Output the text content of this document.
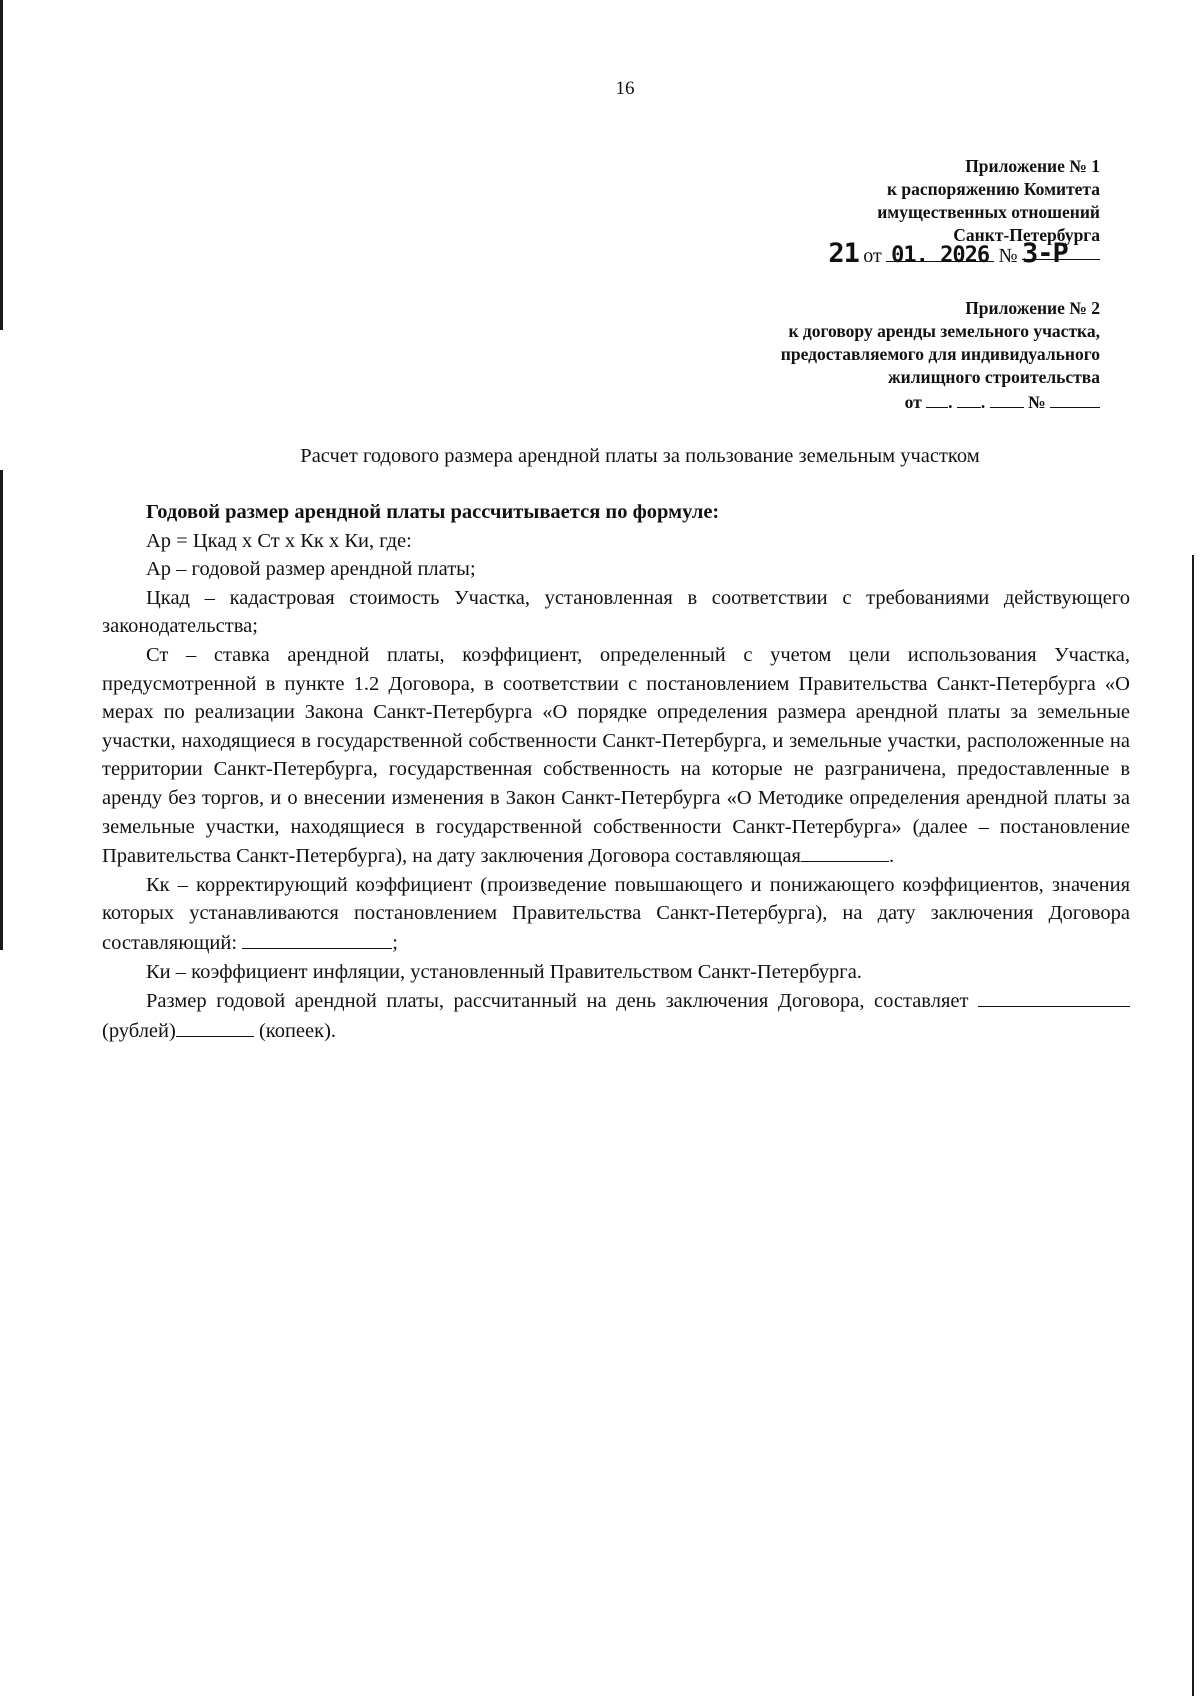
16
Приложение № 1
к распоряжению Комитета
имущественных отношений
Санкт-Петербурга
21 от 01. 2026 № 3-Р
Приложение № 2
к договору аренды земельного участка,
предоставляемого для индивидуального
жилищного строительства
от . .  №
Расчет годового размера арендной платы за пользование земельным участком

Годовой размер арендной платы рассчитывается по формуле:

Ар = Цкад х Ст х Кк х Ки, где:

Ар – годовой размер арендной платы;

Цкад – кадастровая стоимость Участка, установленная в соответствии с требованиями действующего законодательства;

Ст – ставка арендной платы, коэффициент, определенный с учетом цели использования Участка, предусмотренной в пункте 1.2 Договора, в соответствии с постановлением Правительства Санкт-Петербурга «О мерах по реализации Закона Санкт-Петербурга «О порядке определения размера арендной платы за земельные участки, находящиеся в государственной собственности Санкт-Петербурга, и земельные участки, расположенные на территории Санкт-Петербурга, государственная собственность на которые не разграничена, предоставленные в аренду без торгов, и о внесении изменения в Закон Санкт-Петербурга «О Методике определения арендной платы за земельные участки, находящиеся в государственной собственности Санкт-Петербурга» (далее – постановление Правительства Санкт-Петербурга), на дату заключения Договора составляющая	.

Кк – корректирующий коэффициент (произведение повышающего и понижающего коэффициентов, значения которых устанавливаются постановлением Правительства Санкт-Петербурга), на дату заключения Договора составляющий:	;

Ки – коэффициент инфляции, установленный Правительством Санкт-Петербурга.

Размер годовой арендной платы, рассчитанный на день заключения Договора, составляет (рублей)	(копеек).
